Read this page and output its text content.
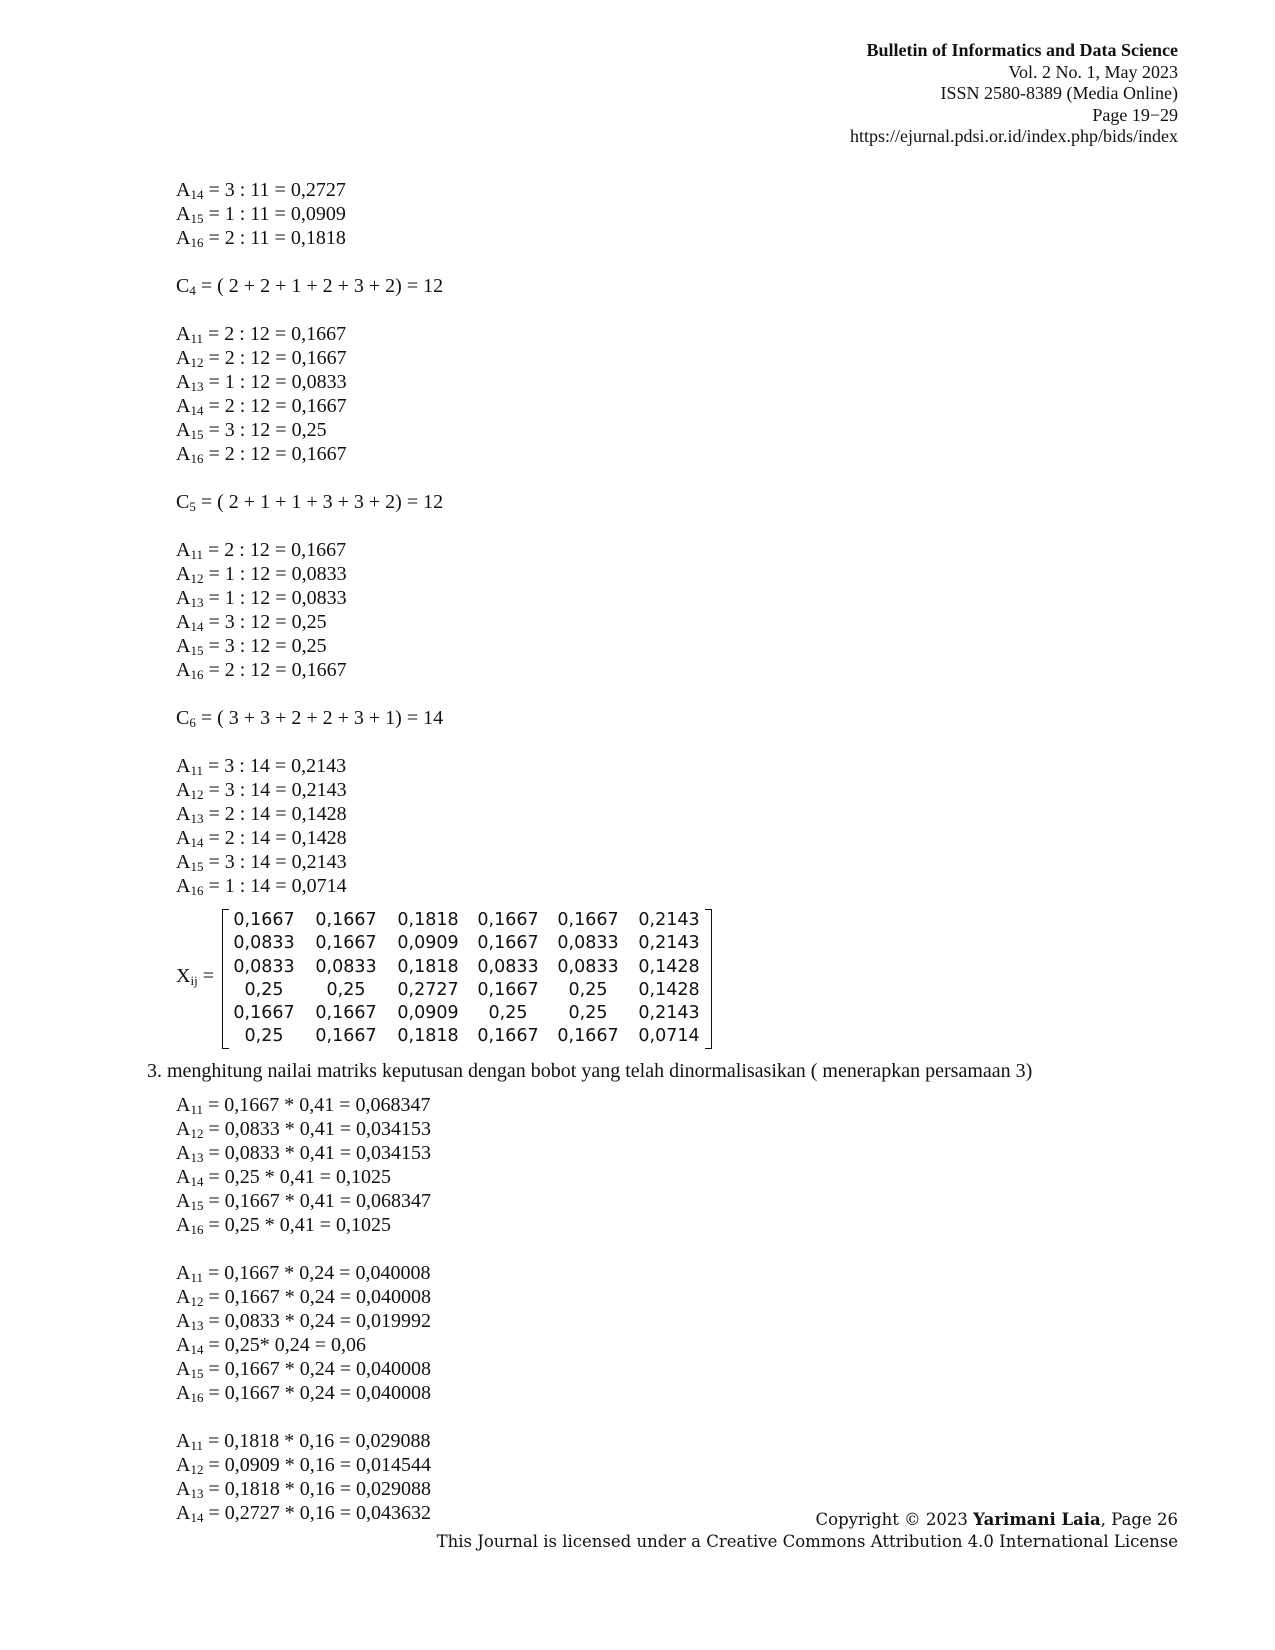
Bulletin of Informatics and Data Science
Vol. 2 No. 1, May 2023
ISSN 2580-8389 (Media Online)
Page 19−29
https://ejurnal.pdsi.or.id/index.php/bids/index
$A_{14} = 3$ : 11 = 0,2727
$A_{15} = 1$ : 11 = 0,0909
$A_{16} = 2$ : 11 = 0,1818
$C_4$ = ( 2 + 2 + 1 + 2 + 3 + 2) = 12
$A_{11} = 2$ : 12 = 0,1667
$A_{12} = 2$ : 12 = 0,1667
$A_{13} = 1$ : 12 = 0,0833
$A_{14} = 2$ : 12 = 0,1667
$A_{15} = 3$ : 12 = 0,25
$A_{16} = 2$ : 12 = 0,1667
$C_5$ = ( 2 + 1 + 1 + 3 + 3 + 2) = 12
$A_{11} = 2$ : 12 = 0,1667
$A_{12} = 1$ : 12 = 0,0833
$A_{13} = 1$ : 12 = 0,0833
$A_{14} = 3$ : 12 = 0,25
$A_{15} = 3$ : 12 = 0,25
$A_{16} = 2$ : 12 = 0,1667
$C_6$ = ( 3 + 3 + 2 + 2 + 3 + 1) = 14
$A_{11} = 3$ : 14 = 0,2143
$A_{12} = 3$ : 14 = 0,2143
$A_{13} = 2$ : 14 = 0,1428
$A_{14} = 2$ : 14 = 0,1428
$A_{15} = 3$ : 14 = 0,2143
$A_{16} = 1$ : 14 = 0,0714
$X_{ij}$ =
0,1667	0,1667	0,1818	0,1667	0,1667	0,2143
0,0833	0,1667	0,0909	0,1667	0,0833	0,2143
0,0833	0,0833	0,1818	0,0833	0,0833	0,1428
0,25	0,25	0,2727	0,1667	0,25	0,1428
0,1667	0,1667	0,0909	0,25	0,25	0,2143
0,25	0,1667	0,1818	0,1667	0,1667	0,0714
3. menghitung nailai matriks keputusan dengan bobot yang telah dinormalisasikan ( menerapkan persamaan 3)
$A_{11} = 0,1667 * 0,41 = 0,068347$
$A_{12} = 0,0833 * 0,41 = 0,034153$
$A_{13} = 0,0833 * 0,41 = 0,034153$
$A_{14} = 0,25 * 0,41 = 0,1025$
$A_{15} = 0,1667 * 0,41 = 0,068347$
$A_{16} = 0,25 * 0,41 = 0,1025$
$A_{11} = 0,1667 * 0,24 = 0,040008$
$A_{12} = 0,1667 * 0,24 = 0,040008$
$A_{13} = 0,0833 * 0,24 = 0,019992$
$A_{14} = 0,25*$ 0,24 = 0,06
$A_{15} = 0,1667 * 0,24 = 0,040008$
$A_{16} = 0,1667 * 0,24 = 0,040008$
$A_{11} = 0,1818 * 0,16 = 0,029088$
$A_{12} = 0,0909 * 0,16 = 0,014544$
$A_{13} = 0,1818 * 0,16 = 0,029088$
$A_{14} = 0,2727 * 0,16 = 0,043632$	Copyright © 2023 Yarimani Laia, Page 26
This Journal is licensed under a Creative Commons Attribution 4.0 International License
